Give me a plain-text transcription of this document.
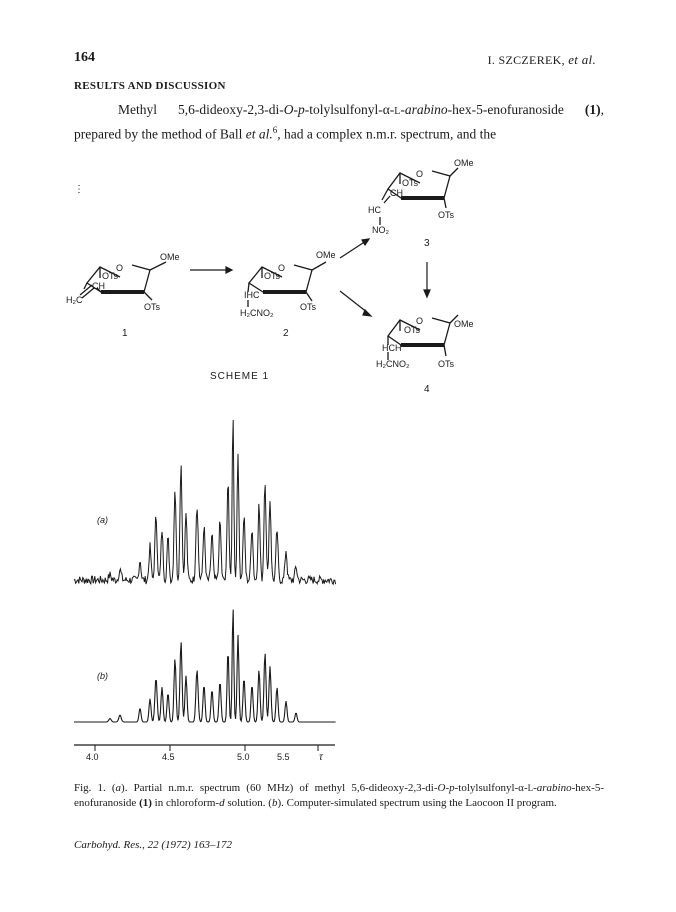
164	I. SZCZEREK, et al.
RESULTS AND DISCUSSION
Methyl 5,6-dideoxy-2,3-di-O-p-tolylsulfonyl-α-L-arabino-hex-5-enofuranoside (1), prepared by the method of Ball et al.$^6$, had a complex n.m.r. spectrum, and the
O
OMe
OTs
CH
H₂C
OTs
1
O
OMe
OTs
IHC
H₂CNO₂
OTs
2
O
OMe
OTs
CH
HC
NO₂
OTs
3
O	OMe
OTs
HCH
H₂CNO₂	OTs
4
⋮
SCHEME 1
4.0	4.5	5.0	5.5	τ
(a)
(b)
Fig. 1. (a). Partial n.m.r. spectrum (60 MHz) of methyl 5,6-dideoxy-2,3-di-O-p-tolylsulfonyl-α-L-arabino-hex-5-enofuranoside (1) in chloroform-d solution. (b). Computer-simulated spectrum using the Laocoon II program.
Carbohyd. Res., 22 (1972) 163–172
